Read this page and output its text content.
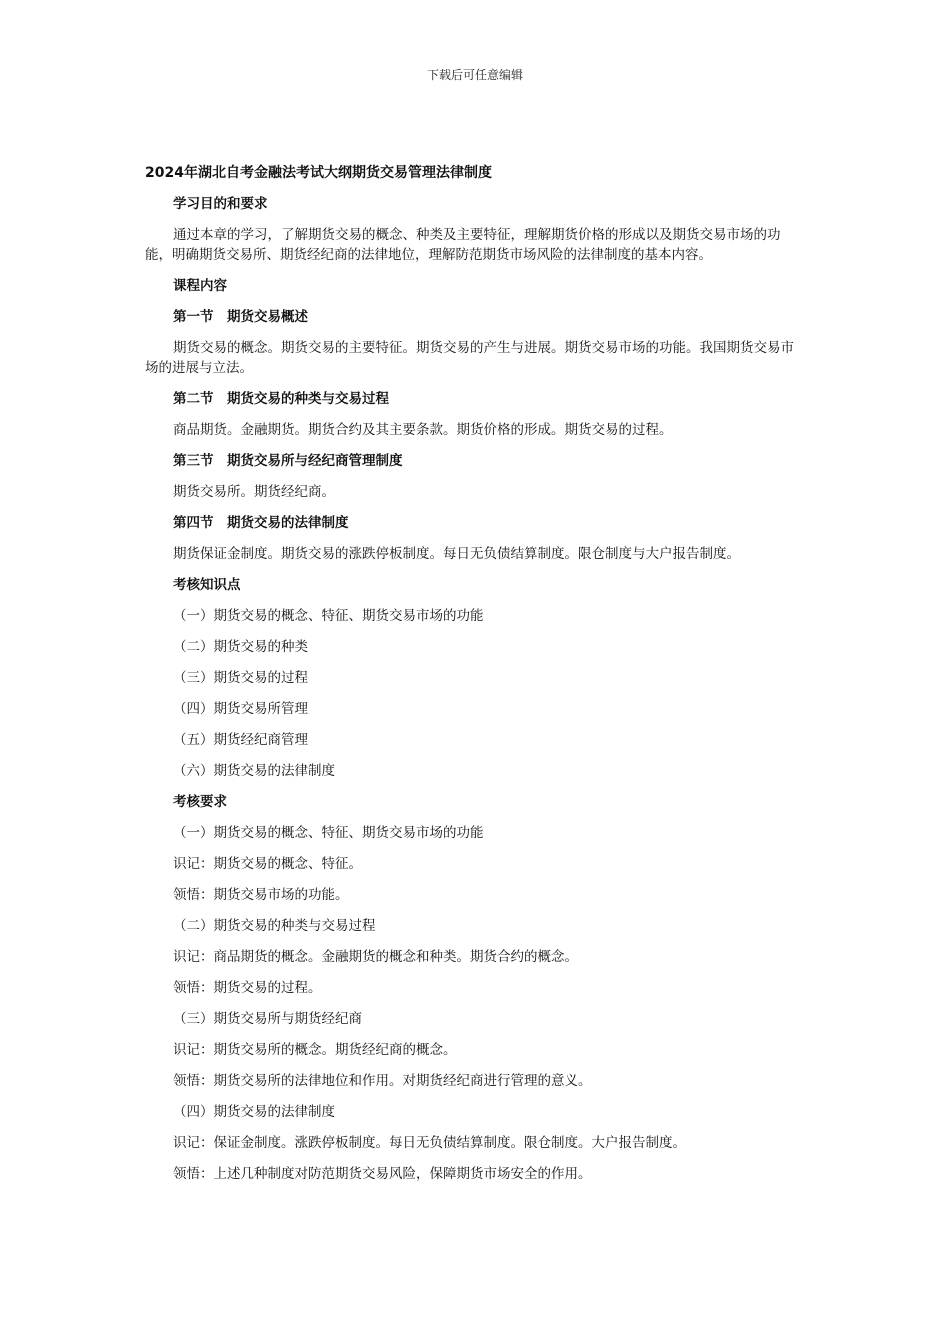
下载后可任意编辑
2024年湖北自考金融法考试大纲期货交易管理法律制度
学习目的和要求
通过本章的学习，了解期货交易的概念、种类及主要特征，理解期货价格的形成以及期货交易市场的功能，明确期货交易所、期货经纪商的法律地位，理解防范期货市场风险的法律制度的基本内容。
课程内容
第一节　期货交易概述
期货交易的概念。期货交易的主要特征。期货交易的产生与进展。期货交易市场的功能。我国期货交易市场的进展与立法。
第二节　期货交易的种类与交易过程
商品期货。金融期货。期货合约及其主要条款。期货价格的形成。期货交易的过程。
第三节　期货交易所与经纪商管理制度
期货交易所。期货经纪商。
第四节　期货交易的法律制度
期货保证金制度。期货交易的涨跌停板制度。每日无负债结算制度。限仓制度与大户报告制度。
考核知识点
（一）期货交易的概念、特征、期货交易市场的功能
（二）期货交易的种类
（三）期货交易的过程
（四）期货交易所管理
（五）期货经纪商管理
（六）期货交易的法律制度
考核要求
（一）期货交易的概念、特征、期货交易市场的功能
识记：期货交易的概念、特征。
领悟：期货交易市场的功能。
（二）期货交易的种类与交易过程
识记：商品期货的概念。金融期货的概念和种类。期货合约的概念。
领悟：期货交易的过程。
（三）期货交易所与期货经纪商
识记：期货交易所的概念。期货经纪商的概念。
领悟：期货交易所的法律地位和作用。对期货经纪商进行管理的意义。
（四）期货交易的法律制度
识记：保证金制度。涨跌停板制度。每日无负债结算制度。限仓制度。大户报告制度。
领悟：上述几种制度对防范期货交易风险，保障期货市场安全的作用。
